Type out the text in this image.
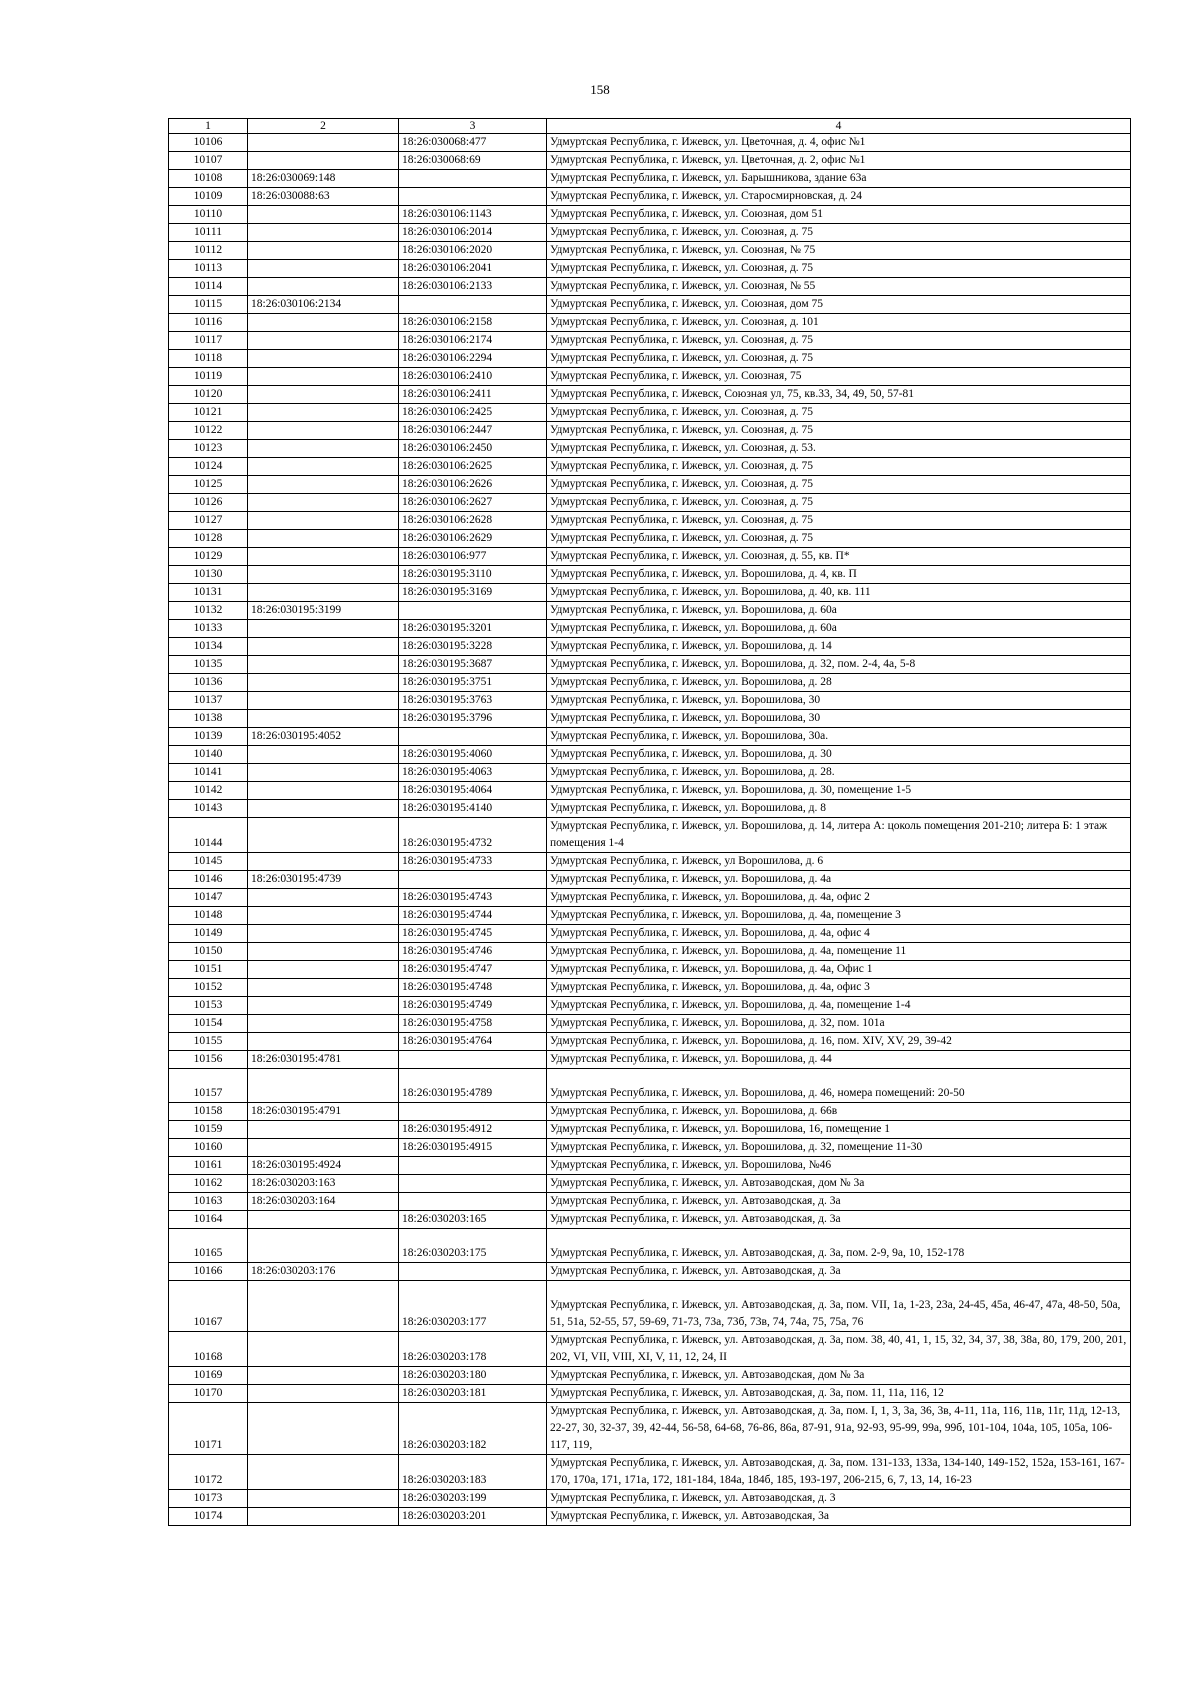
158
1	2	3	4
10106		18:26:030068:477	Удмуртская Республика, г. Ижевск, ул. Цветочная, д. 4, офис №1
10107		18:26:030068:69	Удмуртская Республика, г. Ижевск, ул. Цветочная, д. 2, офис №1
10108	18:26:030069:148		Удмуртская Республика, г. Ижевск, ул. Барышникова, здание 63а
10109	18:26:030088:63		Удмуртская Республика, г. Ижевск, ул. Старосмирновская, д. 24
10110		18:26:030106:1143	Удмуртская Республика, г. Ижевск, ул. Союзная, дом 51
10111		18:26:030106:2014	Удмуртская Республика, г. Ижевск, ул. Союзная, д. 75
10112		18:26:030106:2020	Удмуртская Республика, г. Ижевск, ул. Союзная, № 75
10113		18:26:030106:2041	Удмуртская Республика, г. Ижевск, ул. Союзная, д. 75
10114		18:26:030106:2133	Удмуртская Республика, г. Ижевск, ул. Союзная, № 55
10115	18:26:030106:2134		Удмуртская Республика, г. Ижевск, ул. Союзная, дом 75
10116		18:26:030106:2158	Удмуртская Республика, г. Ижевск, ул. Союзная, д. 101
10117		18:26:030106:2174	Удмуртская Республика, г. Ижевск, ул. Союзная, д. 75
10118		18:26:030106:2294	Удмуртская Республика, г. Ижевск, ул. Союзная, д. 75
10119		18:26:030106:2410	Удмуртская Республика, г. Ижевск, ул. Союзная, 75
10120		18:26:030106:2411	Удмуртская Республика, г. Ижевск, Союзная ул, 75, кв.33, 34, 49, 50, 57-81
10121		18:26:030106:2425	Удмуртская Республика, г. Ижевск, ул. Союзная, д. 75
10122		18:26:030106:2447	Удмуртская Республика, г. Ижевск, ул. Союзная, д. 75
10123		18:26:030106:2450	Удмуртская Республика, г. Ижевск, ул. Союзная, д. 53.
10124		18:26:030106:2625	Удмуртская Республика, г. Ижевск, ул. Союзная, д. 75
10125		18:26:030106:2626	Удмуртская Республика, г. Ижевск, ул. Союзная, д. 75
10126		18:26:030106:2627	Удмуртская Республика, г. Ижевск, ул. Союзная, д. 75
10127		18:26:030106:2628	Удмуртская Республика, г. Ижевск, ул. Союзная, д. 75
10128		18:26:030106:2629	Удмуртская Республика, г. Ижевск, ул. Союзная, д. 75
10129		18:26:030106:977	Удмуртская Республика, г. Ижевск, ул. Союзная, д. 55, кв. П*
10130		18:26:030195:3110	Удмуртская Республика, г. Ижевск, ул. Ворошилова, д. 4, кв. П
10131		18:26:030195:3169	Удмуртская Республика, г. Ижевск, ул. Ворошилова, д. 40, кв. 111
10132	18:26:030195:3199		Удмуртская Республика, г. Ижевск, ул. Ворошилова, д. 60а
10133		18:26:030195:3201	Удмуртская Республика, г. Ижевск, ул. Ворошилова, д. 60а
10134		18:26:030195:3228	Удмуртская Республика, г. Ижевск, ул. Ворошилова, д. 14
10135		18:26:030195:3687	Удмуртская Республика, г. Ижевск, ул. Ворошилова, д. 32, пом. 2-4, 4а, 5-8
10136		18:26:030195:3751	Удмуртская Республика, г. Ижевск, ул. Ворошилова, д. 28
10137		18:26:030195:3763	Удмуртская Республика, г. Ижевск, ул. Ворошилова, 30
10138		18:26:030195:3796	Удмуртская Республика, г. Ижевск, ул. Ворошилова, 30
10139	18:26:030195:4052		Удмуртская Республика, г. Ижевск, ул. Ворошилова, 30а.
10140		18:26:030195:4060	Удмуртская Республика, г. Ижевск, ул. Ворошилова, д. 30
10141		18:26:030195:4063	Удмуртская Республика, г. Ижевск, ул. Ворошилова, д. 28.
10142		18:26:030195:4064	Удмуртская Республика, г. Ижевск, ул. Ворошилова, д. 30, помещение 1-5
10143		18:26:030195:4140	Удмуртская Республика, г. Ижевск, ул. Ворошилова, д. 8
10144		18:26:030195:4732	Удмуртская Республика, г. Ижевск, ул. Ворошилова, д. 14, литера А: цоколь помещения 201-210; литера Б: 1 этаж помещения 1-4
10145		18:26:030195:4733	Удмуртская Республика, г. Ижевск, ул Ворошилова, д. 6
10146	18:26:030195:4739		Удмуртская Республика, г. Ижевск, ул. Ворошилова, д. 4а
10147		18:26:030195:4743	Удмуртская Республика, г. Ижевск, ул. Ворошилова, д. 4а, офис 2
10148		18:26:030195:4744	Удмуртская Республика, г. Ижевск, ул. Ворошилова, д. 4а, помещение 3
10149		18:26:030195:4745	Удмуртская Республика, г. Ижевск, ул. Ворошилова, д. 4а, офис 4
10150		18:26:030195:4746	Удмуртская Республика, г. Ижевск, ул. Ворошилова, д. 4а, помещение 11
10151		18:26:030195:4747	Удмуртская Республика, г. Ижевск, ул. Ворошилова, д. 4а, Офис 1
10152		18:26:030195:4748	Удмуртская Республика, г. Ижевск, ул. Ворошилова, д. 4а, офис 3
10153		18:26:030195:4749	Удмуртская Республика, г. Ижевск, ул. Ворошилова, д. 4а, помещение 1-4
10154		18:26:030195:4758	Удмуртская Республика, г. Ижевск, ул. Ворошилова, д. 32, пом. 101а
10155		18:26:030195:4764	Удмуртская Республика, г. Ижевск, ул. Ворошилова, д. 16, пом. XIV, XV, 29, 39-42
10156	18:26:030195:4781		Удмуртская Республика, г. Ижевск, ул. Ворошилова, д. 44
10157		18:26:030195:4789	Удмуртская Республика, г. Ижевск, ул. Ворошилова, д. 46, номера помещений: 20-50
10158	18:26:030195:4791		Удмуртская Республика, г. Ижевск, ул. Ворошилова, д. 66в
10159		18:26:030195:4912	Удмуртская Республика, г. Ижевск, ул. Ворошилова, 16, помещение 1
10160		18:26:030195:4915	Удмуртская Республика, г. Ижевск, ул. Ворошилова, д. 32, помещение 11-30
10161	18:26:030195:4924		Удмуртская Республика, г. Ижевск, ул. Ворошилова, №46
10162	18:26:030203:163		Удмуртская Республика, г. Ижевск, ул. Автозаводская, дом № 3а
10163	18:26:030203:164		Удмуртская Республика, г. Ижевск, ул. Автозаводская, д. 3а
10164		18:26:030203:165	Удмуртская Республика, г. Ижевск, ул. Автозаводская, д. 3а
10165		18:26:030203:175	Удмуртская Республика, г. Ижевск, ул. Автозаводская, д. 3а, пом. 2-9, 9а, 10, 152-178
10166	18:26:030203:176		Удмуртская Республика, г. Ижевск, ул. Автозаводская, д. 3а
10167		18:26:030203:177	Удмуртская Республика, г. Ижевск, ул. Автозаводская, д. 3а, пом. VII, 1а, 1-23, 23а, 24-45, 45а, 46-47, 47а, 48-50, 50а, 51, 51а, 52-55, 57, 59-69, 71-73, 73а, 73б, 73в, 74, 74а, 75, 75а, 76
10168		18:26:030203:178	Удмуртская Республика, г. Ижевск, ул. Автозаводская, д. 3а, пом. 38, 40, 41, 1, 15, 32, 34, 37, 38, 38а, 80, 179, 200, 201, 202, VI, VII, VIII, XI, V, 11, 12, 24, II
10169		18:26:030203:180	Удмуртская Республика, г. Ижевск, ул. Автозаводская, дом № 3а
10170		18:26:030203:181	Удмуртская Республика, г. Ижевск, ул. Автозаводская, д. 3а, пом. 11, 11а, 116, 12
10171		18:26:030203:182	Удмуртская Республика, г. Ижевск, ул. Автозаводская, д. 3а, пом. I, 1, 3, 3а, 36, 3в, 4-11, 11а, 116, 11в, 11г, 11д, 12-13, 22-27, 30, 32-37, 39, 42-44, 56-58, 64-68, 76-86, 86а, 87-91, 91а, 92-93, 95-99, 99а, 99б, 101-104, 104а, 105, 105а, 106-117, 119,
10172		18:26:030203:183	Удмуртская Республика, г. Ижевск, ул. Автозаводская, д. 3а, пом. 131-133, 133а, 134-140, 149-152, 152а, 153-161, 167-170, 170а, 171, 171а, 172, 181-184, 184а, 184б, 185, 193-197, 206-215, 6, 7, 13, 14, 16-23
10173		18:26:030203:199	Удмуртская Республика, г. Ижевск, ул. Автозаводская, д. 3
10174		18:26:030203:201	Удмуртская Республика, г. Ижевск, ул. Автозаводская, 3а
